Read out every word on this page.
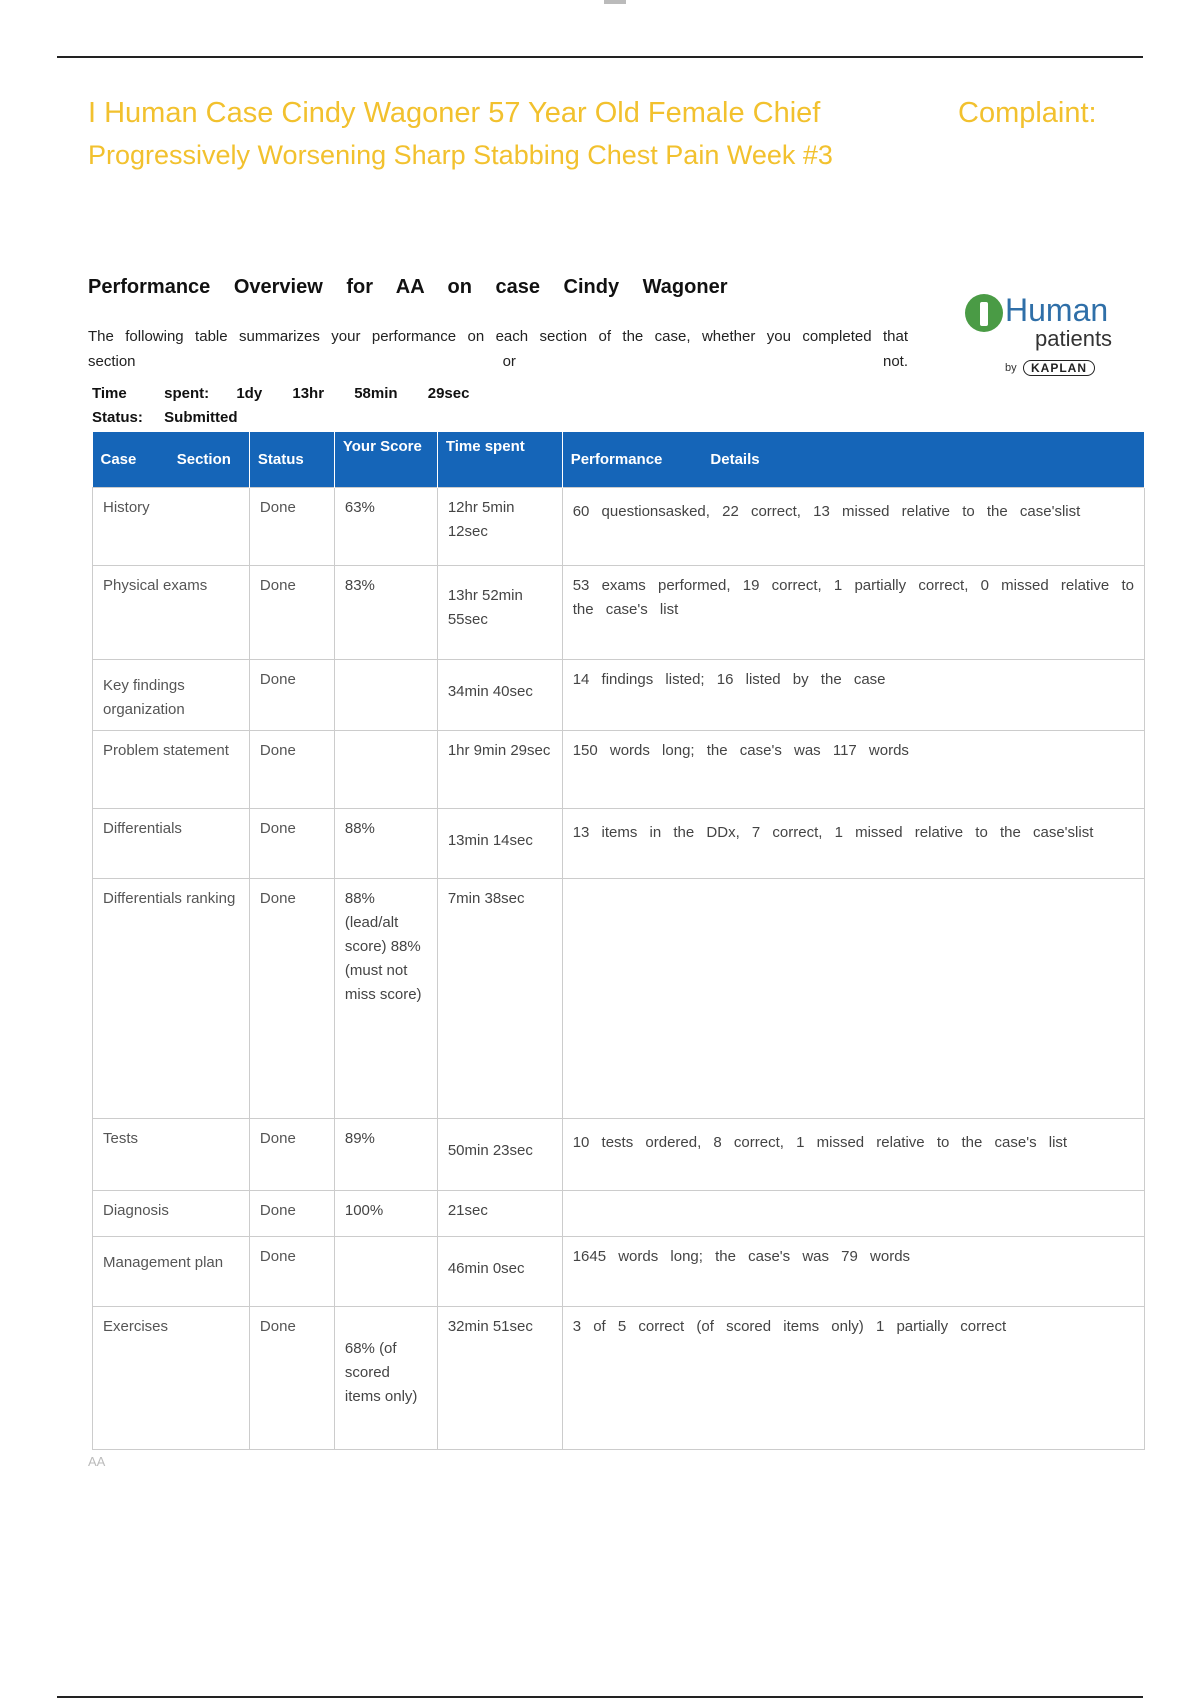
I Human Case Cindy Wagoner 57 Year Old Female Chief	Complaint:
Progressively Worsening Sharp Stabbing Chest Pain Week #3
Performance Overview for AA on case Cindy Wagoner
The following table summarizes your performance on each section of the case, whether you completed that section or not.
Time spent: 1dy 13hr 58min 29sec
Status: Submitted
Human
patients
by	KAPLAN
Case Section	Status	Your Score	Time spent	Performance Details

History	Done	63%	12hr 5min 12sec	60 questionsasked, 22 correct, 13 missed relative to the case'slist
Physical exams	Done	83%	13hr 52min 55sec	53 exams performed, 19 correct, 1 partially correct, 0 missed relative to the case's list
Key findings organization	Done		34min 40sec	14 findings listed; 16 listed by the case
Problem statement	Done		1hr 9min 29sec	150 words long; the case's was 117 words
Differentials	Done	88%	13min 14sec	13 items in the DDx, 7 correct, 1 missed relative to the case'slist
Differentials ranking	Done	88% (lead/alt score) 88% (must not miss score)	7min 38sec	
Tests	Done	89%	50min 23sec	10 tests ordered, 8 correct, 1 missed relative to the case's list
Diagnosis	Done	100%	21sec	
Management plan	Done		46min 0sec	1645 words long; the case's was 79 words
Exercises	Done	68% (of scored items only)	32min 51sec	3 of 5 correct (of scored items only) 1 partially correct
AA
